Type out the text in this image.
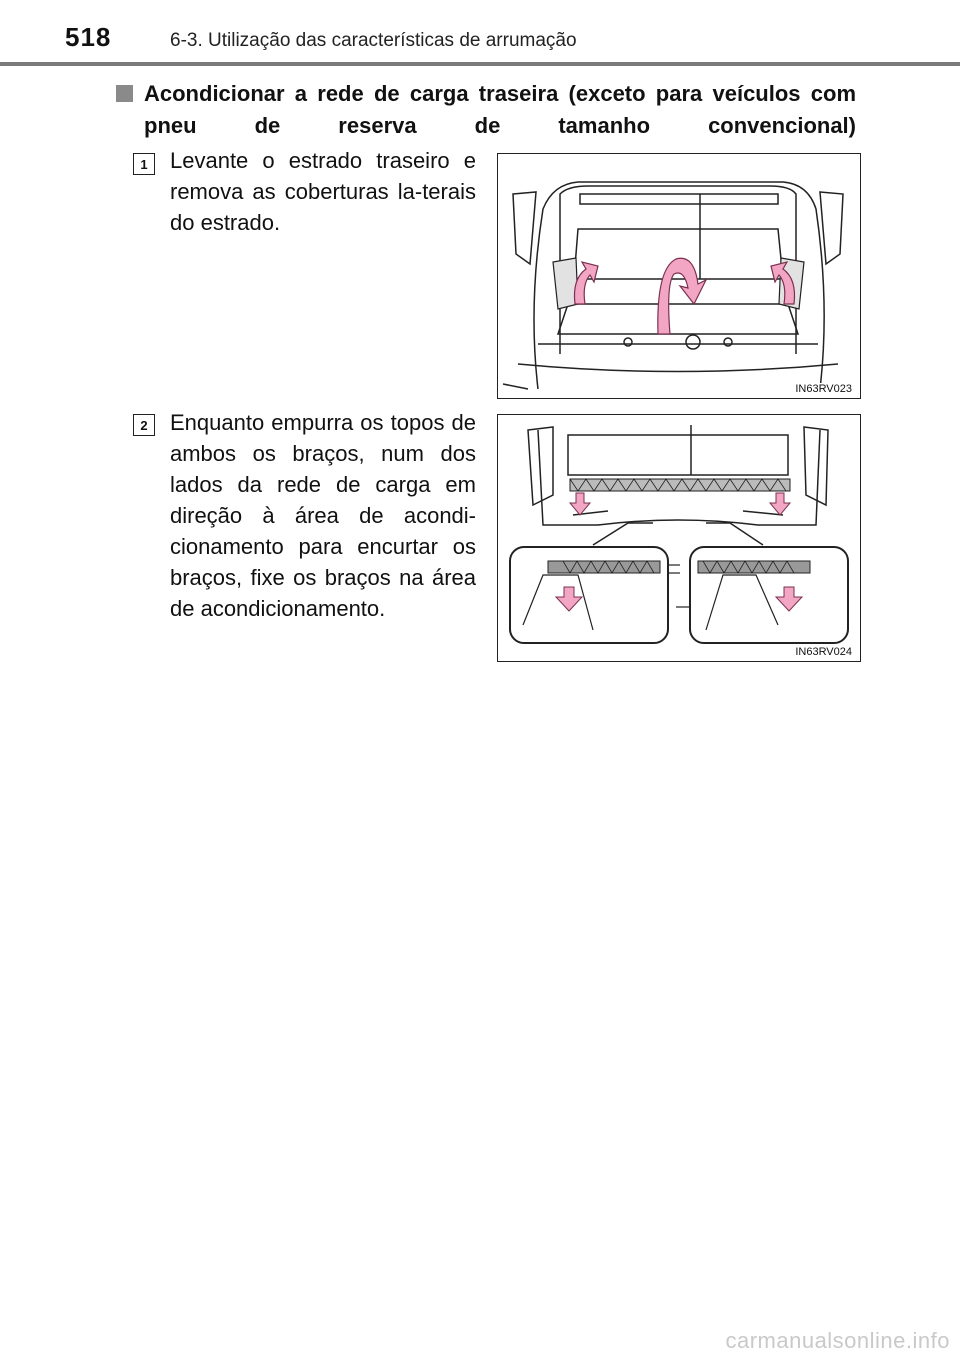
518	6-3. Utilização das características de arrumação
Acondicionar a rede de carga traseira (exceto para veículos com pneu de reserva de tamanho convencional)
1	Levante o estrado traseiro e remova as coberturas la-terais do estrado.
IN63RV023
2	Enquanto empurra os topos de ambos os braços, num dos lados da rede de carga em direção à área de acondi-cionamento para encurtar os braços, fixe os braços na área de acondicionamento.
IN63RV024
carmanualsonline.info
